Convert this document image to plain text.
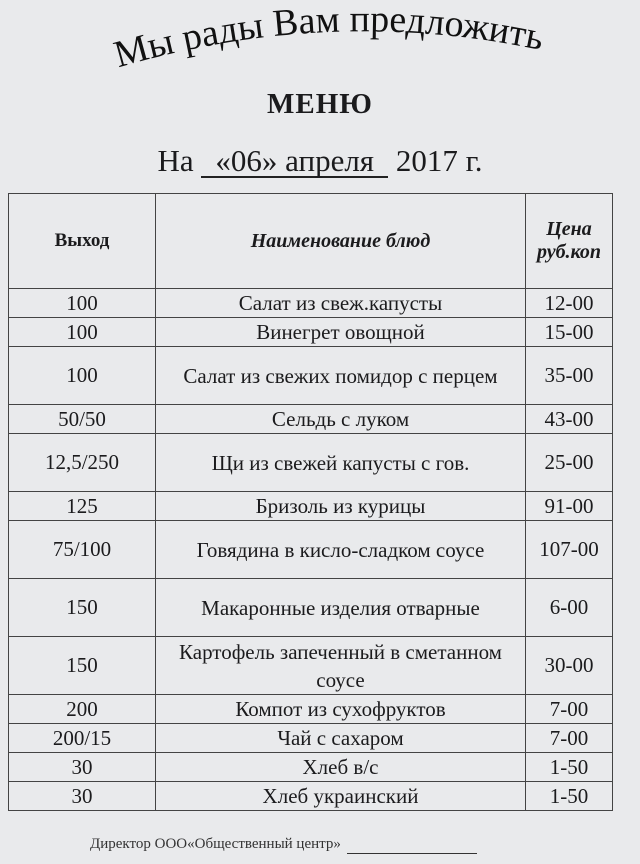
Мы рады Вам предложить
МЕНЮ
На «06» апреля 2017 г.
Выход	Наименование блюд	Цена руб.коп
100	Салат из свеж.капусты	12-00
100	Винегрет овощной	15-00
100	Салат из свежих помидор с перцем	35-00
50/50	Сельдь с луком	43-00
12,5/250	Щи из свежей капусты с гов.	25-00
125	Бризоль из курицы	91-00
75/100	Говядина в кисло-сладком соусе	107-00
150	Макаронные изделия отварные	6-00
150	Картофель запеченный в сметанном соусе	30-00
200	Компот из сухофруктов	7-00
200/15	Чай с сахаром	7-00
30	Хлеб в/с	1-50
30	Хлеб украинский	1-50
Директор ООО«Общественный центр»
